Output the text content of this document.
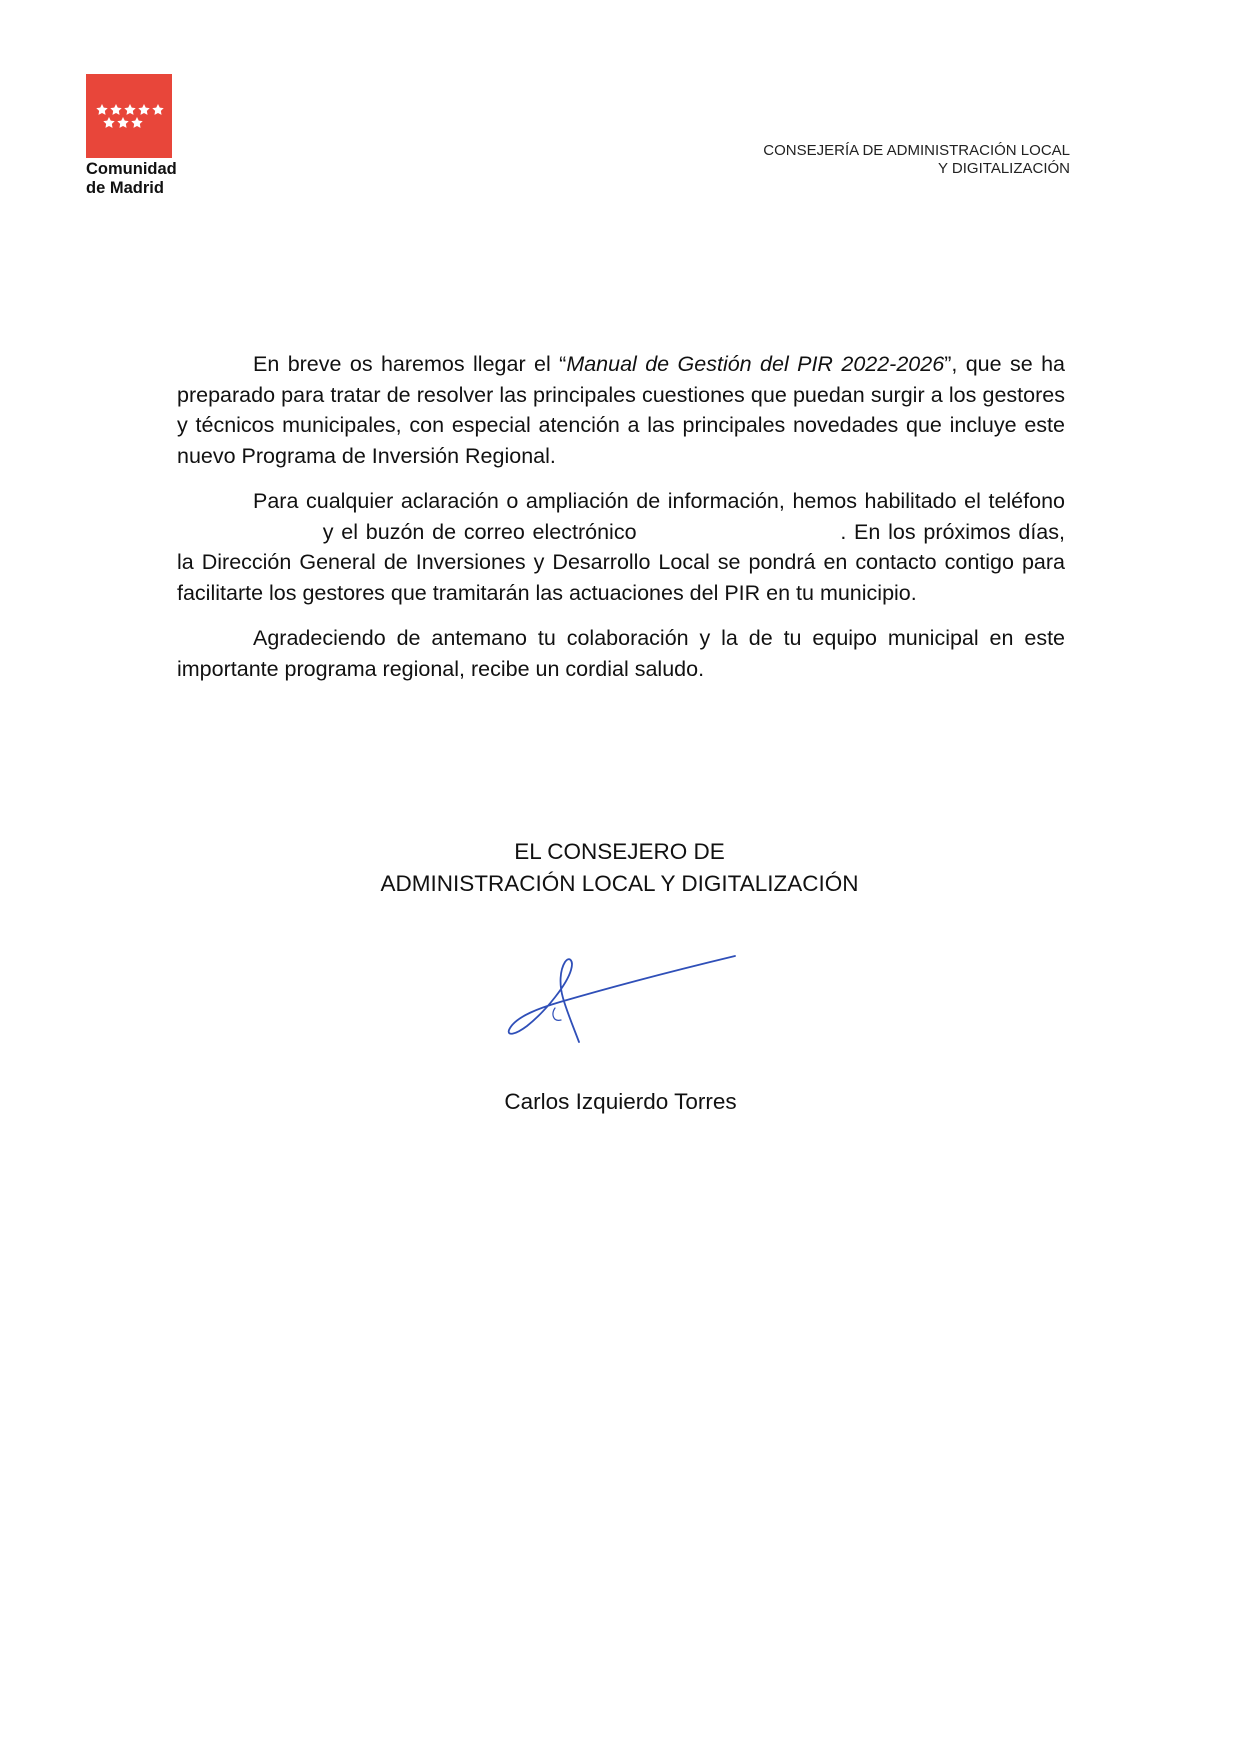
Comunidad
de Madrid
CONSEJERÍA DE ADMINISTRACIÓN LOCAL
Y DIGITALIZACIÓN

En breve os haremos llegar el “Manual de Gestión del PIR 2022-2026”, que se ha preparado para tratar de resolver las principales cuestiones que puedan surgir a los gestores y técnicos municipales, con especial atención a las principales novedades que incluye este nuevo Programa de Inversión Regional.

Para cualquier aclaración o ampliación de información, hemos habilitado el teléfono  y el buzón de correo electrónico	. En los próximos días, la Dirección General de Inversiones y Desarrollo Local se pondrá en contacto contigo para facilitarte los gestores que tramitarán las actuaciones del PIR en tu municipio.

Agradeciendo de antemano tu colaboración y la de tu equipo municipal en este importante programa regional, recibe un cordial saludo.

EL CONSEJERO DE
ADMINISTRACIÓN LOCAL Y DIGITALIZACIÓN
Carlos Izquierdo Torres
